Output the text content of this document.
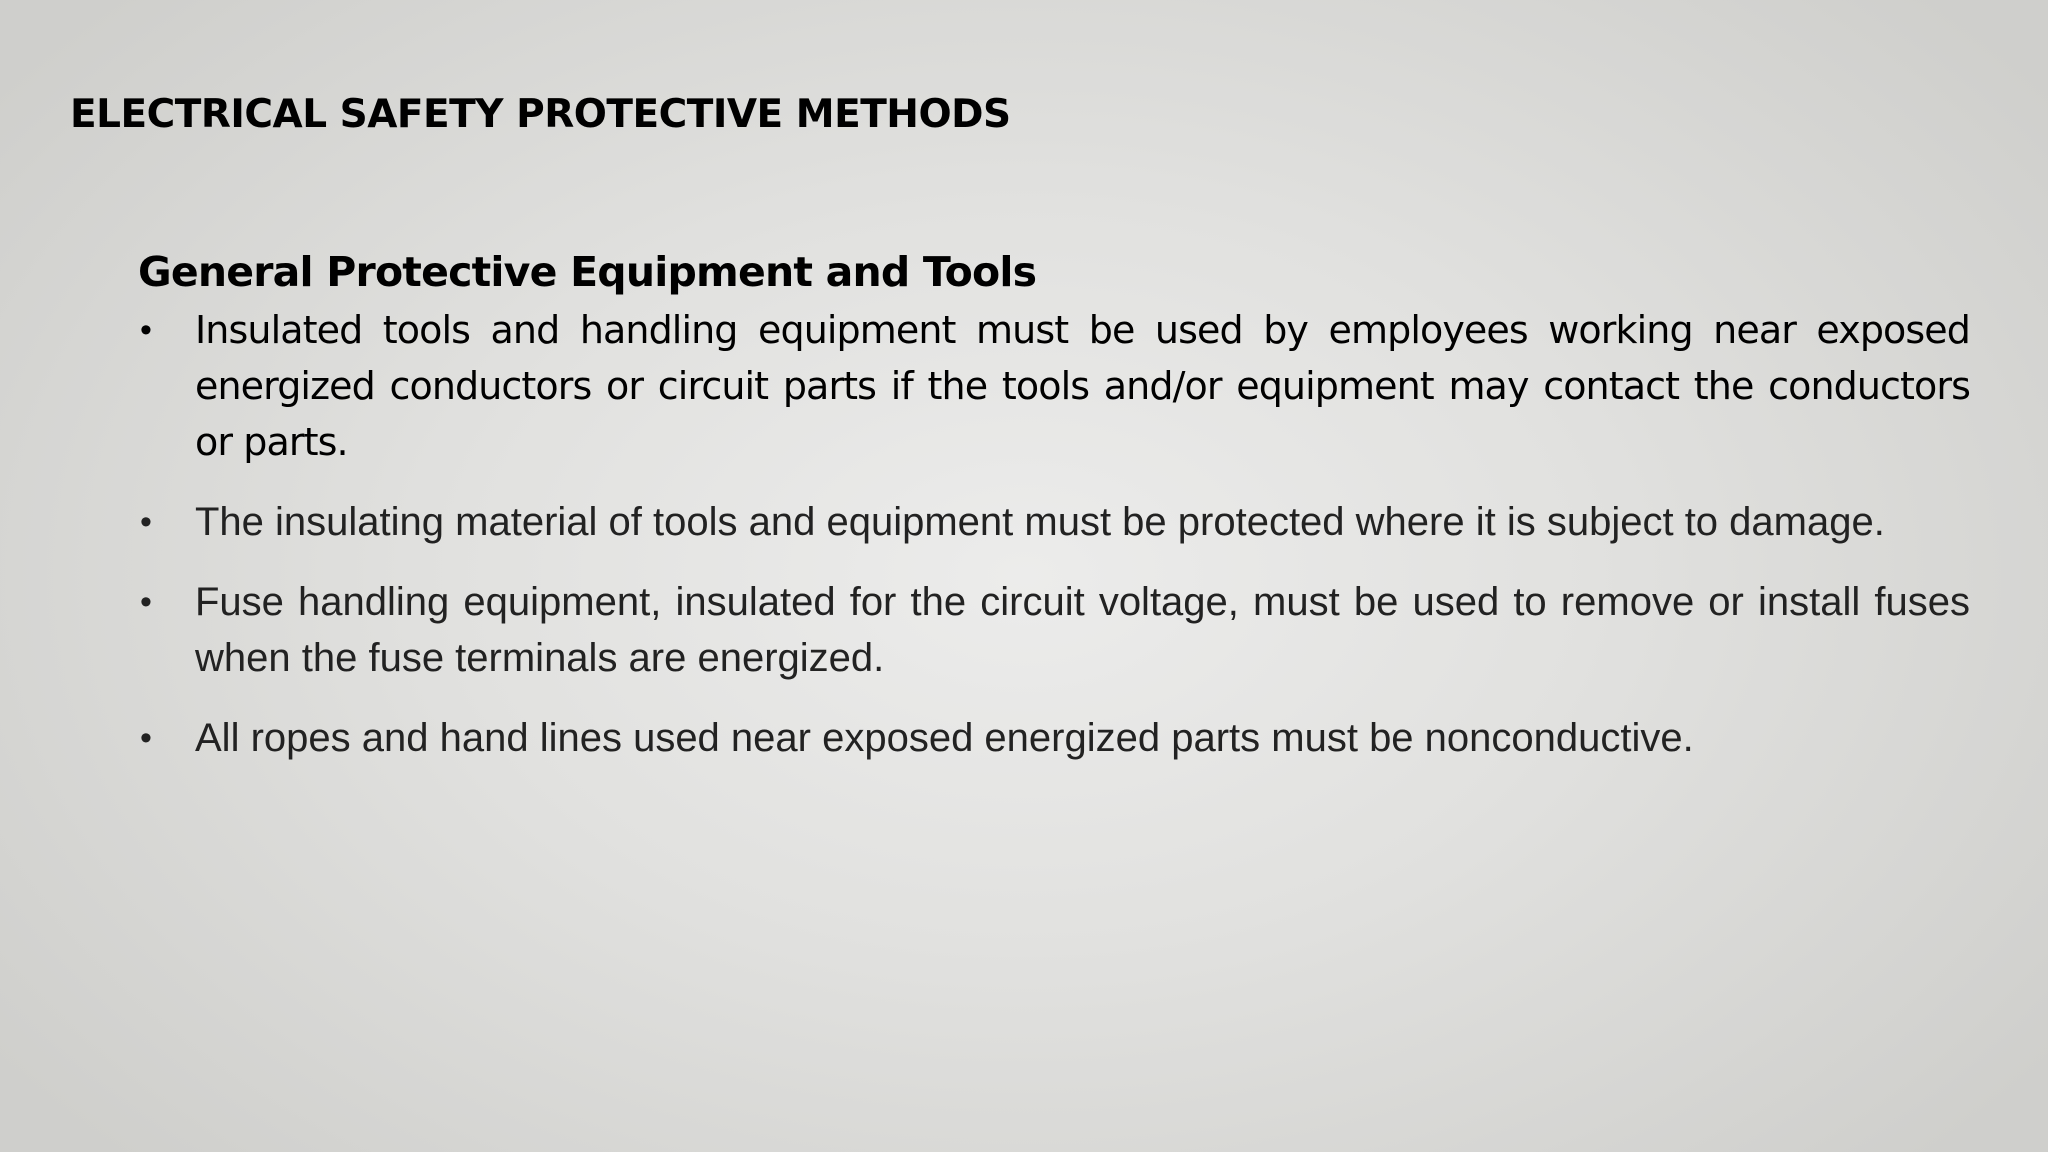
ELECTRICAL SAFETY PROTECTIVE METHODS
General Protective Equipment and Tools
• Insulated tools and handling equipment must be used by employees working near exposed energized conductors or circuit parts if the tools and/or equipment may contact the conductors or parts.
• The insulating material of tools and equipment must be protected where it is subject to damage.
• Fuse handling equipment, insulated for the circuit voltage, must be used to remove or install fuses when the fuse terminals are energized.
• All ropes and hand lines used near exposed energized parts must be nonconductive.
